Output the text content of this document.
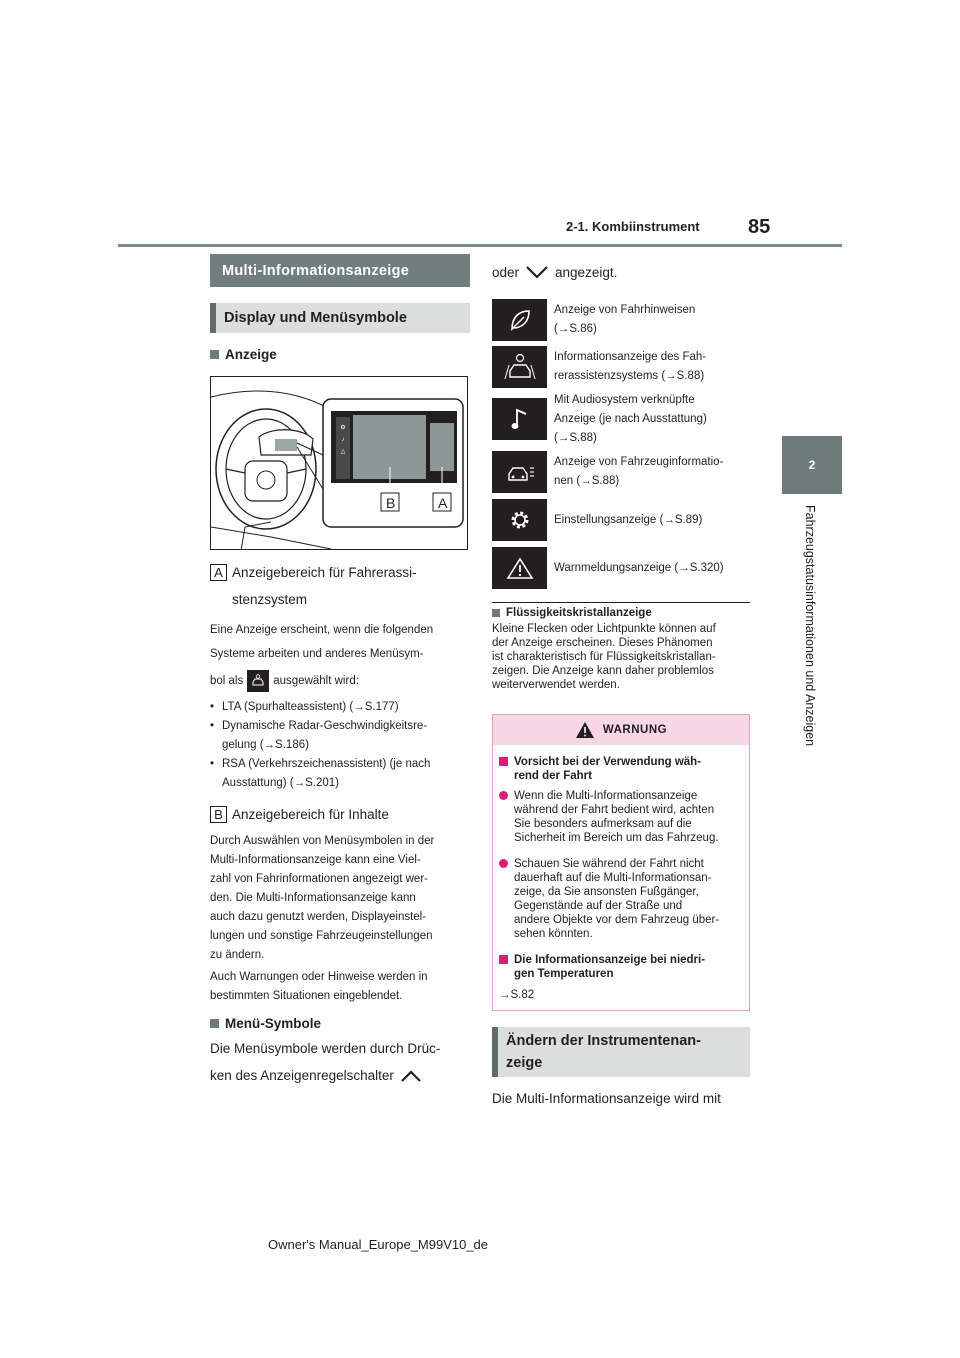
2-1. Kombiinstrument 85
2
Fahrzeugstatusinformationen und Anzeigen
Multi-Informationsanzeige
Display und Menüsymbole
Anzeige
⚙
♪
△
B	A
A Anzeigebereich für Fahrerassi-
stenzsystem
Eine Anzeige erscheint, wenn die folgenden
Systeme arbeiten und anderes Menüsym-
bol als	ausgewählt wird:
• LTA (Spurhalteassistent) (→S.177)
• Dynamische Radar-Geschwindigkeitsre-
gelung (→S.186)
• RSA (Verkehrszeichenassistent) (je nach
Ausstattung) (→S.201)
B Anzeigebereich für Inhalte
Durch Auswählen von Menüsymbolen in der
Multi-Informationsanzeige kann eine Viel-
zahl von Fahrinformationen angezeigt wer-
den. Die Multi-Informationsanzeige kann
auch dazu genutzt werden, Displayeinstel-
lungen und sonstige Fahrzeugeinstellungen
zu ändern.
Auch Warnungen oder Hinweise werden in
bestimmten Situationen eingeblendet.
Menü-Symbole
Die Menüsymbole werden durch Drüc-
ken des Anzeigenregelschalter
oder	angezeigt.
Anzeige von Fahrhinweisen
(→S.86)
Informationsanzeige des Fah-
rerassistenzsystems (→S.88)
Mit Audiosystem verknüpfte
Anzeige (je nach Ausstattung)
(→S.88)
Anzeige von Fahrzeuginformatio-
nen (→S.88)
Einstellungsanzeige (→S.89)
Warnmeldungsanzeige (→S.320)
Flüssigkeitskristallanzeige
Kleine Flecken oder Lichtpunkte können auf
der Anzeige erscheinen. Dieses Phänomen
ist charakteristisch für Flüssigkeitskristallan-
zeigen. Die Anzeige kann daher problemlos
weiterverwendet werden.
WARNUNG
Vorsicht bei der Verwendung wäh-
rend der Fahrt
Wenn die Multi-Informationsanzeige
während der Fahrt bedient wird, achten
Sie besonders aufmerksam auf die
Sicherheit im Bereich um das Fahrzeug.
Schauen Sie während der Fahrt nicht
dauerhaft auf die Multi-Informationsan-
zeige, da Sie ansonsten Fußgänger,
Gegenstände auf der Straße und
andere Objekte vor dem Fahrzeug über-
sehen könnten.
Die Informationsanzeige bei niedri-
gen Temperaturen
→S.82
Ändern der Instrumentenan-
zeige
Die Multi-Informationsanzeige wird mit
Owner's Manual_Europe_M99V10_de
